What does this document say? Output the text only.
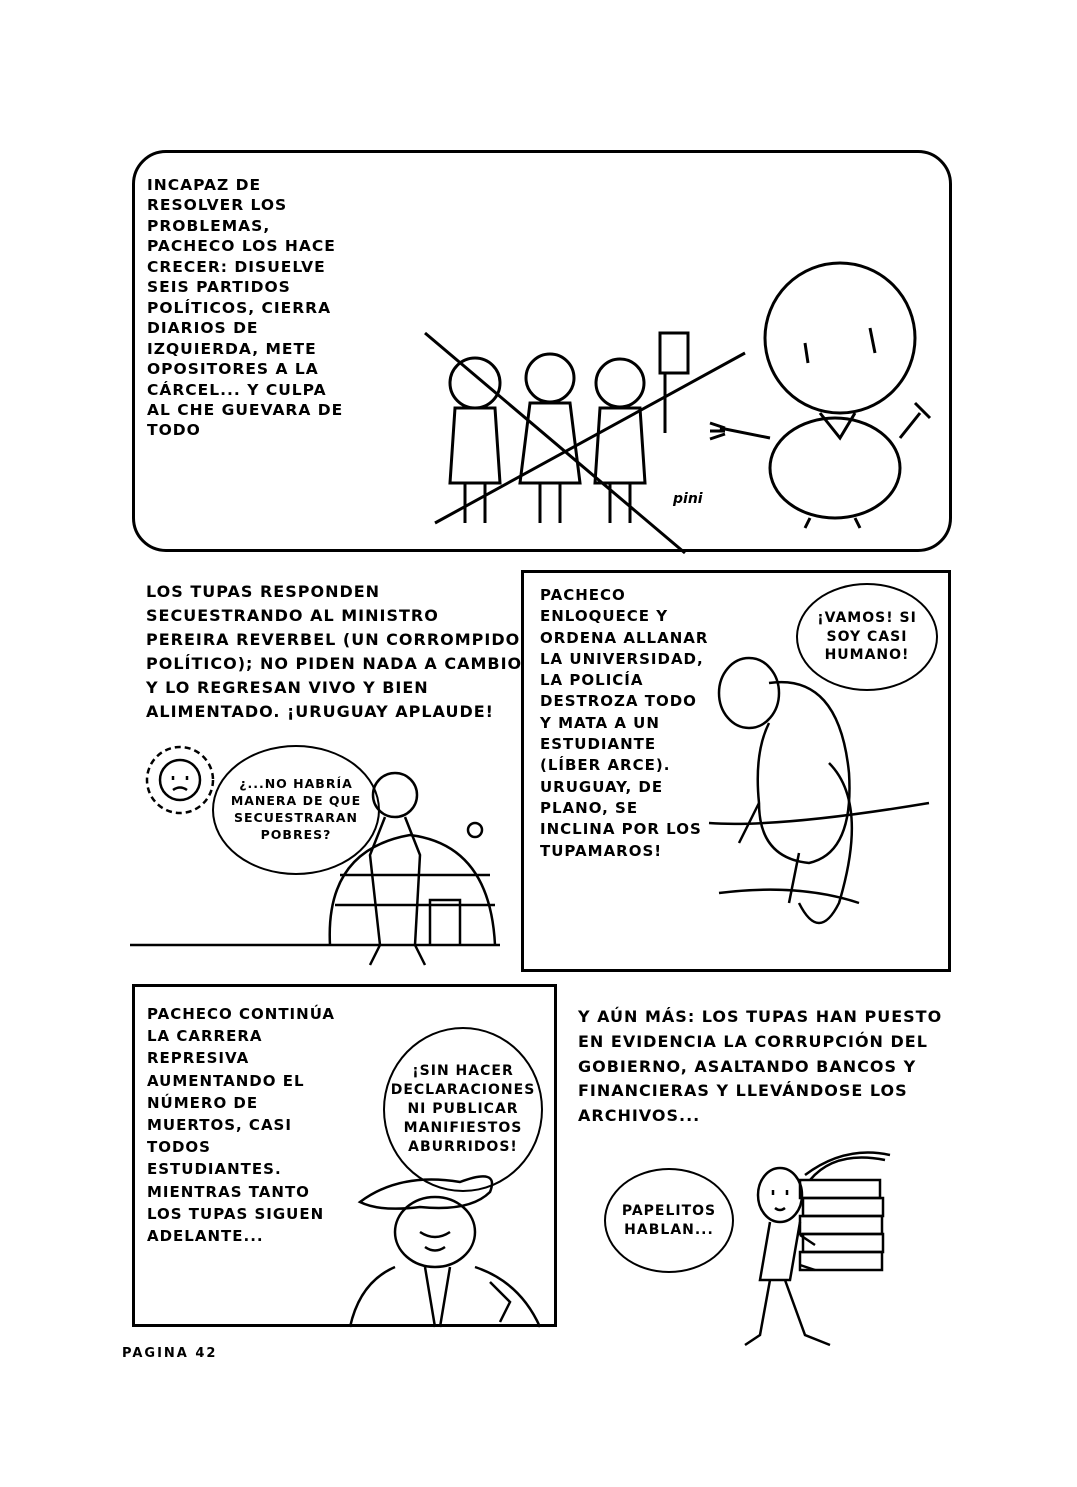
INCAPAZ DE RESOLVER LOS PROBLEMAS, PACHECO LOS HACE CRECER: DISUELVE SEIS PARTIDOS POLÍTICOS, CIERRA DIARIOS DE IZQUIERDA, METE OPOSITORES A LA CÁRCEL... Y CULPA AL CHE GUEVARA DE TODO
pini
LOS TUPAS RESPONDEN SECUESTRANDO AL MINISTRO PEREIRA REVERBEL (UN CORROMPIDO POLÍTICO); NO PIDEN NADA A CAMBIO Y LO REGRESAN VIVO Y BIEN ALIMENTADO. ¡URUGUAY APLAUDE!
¿...NO HABRÍA MANERA DE QUE SECUESTRARAN POBRES?
PACHECO ENLOQUECE Y ORDENA ALLANAR LA UNIVERSIDAD, LA POLICÍA DESTROZA TODO Y MATA A UN ESTUDIANTE (LÍBER ARCE). URUGUAY, DE PLANO, SE INCLINA POR LOS TUPAMAROS!
¡VAMOS! SI SOY CASI HUMANO!
PACHECO CONTINÚA LA CARRERA REPRESIVA AUMENTANDO EL NÚMERO DE MUERTOS, CASI TODOS ESTUDIANTES. MIENTRAS TANTO LOS TUPAS SIGUEN ADELANTE...
¡SIN HACER DECLARACIONES NI PUBLICAR MANIFIESTOS ABURRIDOS!
Y AÚN MÁS: LOS TUPAS HAN PUESTO EN EVIDENCIA LA CORRUPCIÓN DEL GOBIERNO, ASALTANDO BANCOS Y FINANCIERAS Y LLEVÁNDOSE LOS ARCHIVOS...
PAPELITOS HABLAN...
PAGINA 42
